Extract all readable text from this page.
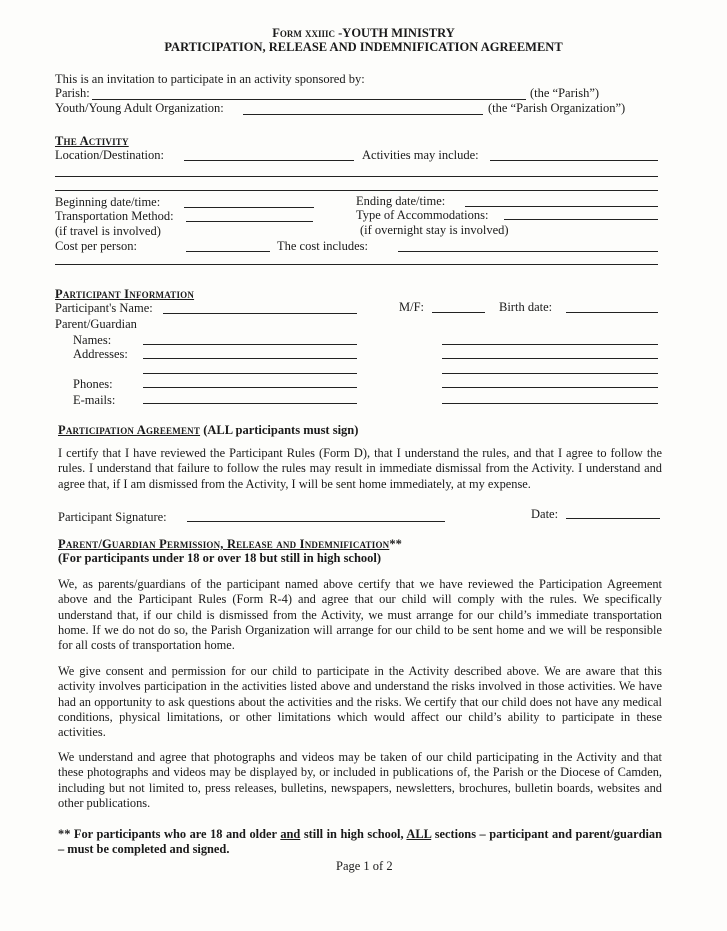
Form xxiiic -YOUTH MINISTRY
PARTICIPATION, RELEASE AND INDEMNIFICATION AGREEMENT
This is an invitation to participate in an activity sponsored by:
Parish:	(the “Parish”)
Youth/Young Adult Organization:	(the “Parish Organization”)
The Activity
Location/Destination:	Activities may include:
Beginning date/time:	Ending date/time:
Transportation Method:	Type of Accommodations:
(if travel is involved)	(if overnight stay is involved)
Cost per person:	The cost includes:
Participant Information
Participant's Name:	M/F:	Birth date:
Parent/Guardian
Names:
Addresses:
Phones:
E-mails:
Participation Agreement (ALL participants must sign)
I certify that I have reviewed the Participant Rules (Form D), that I understand the rules, and that I agree to follow the rules. I understand that failure to follow the rules may result in immediate dismissal from the Activity. I understand and agree that, if I am dismissed from the Activity, I will be sent home immediately, at my expense.
Participant Signature:	Date:
Parent/Guardian Permission, Release and Indemnification**
(For participants under 18 or over 18 but still in high school)
We, as parents/guardians of the participant named above certify that we have reviewed the Participation Agreement above and the Participant Rules (Form R-4) and agree that our child will comply with the rules. We specifically understand that, if our child is dismissed from the Activity, we must arrange for our child’s immediate transportation home. If we do not do so, the Parish Organization will arrange for our child to be sent home and we will be responsible for all costs of transportation home.
We give consent and permission for our child to participate in the Activity described above. We are aware that this activity involves participation in the activities listed above and understand the risks involved in those activities. We have had an opportunity to ask questions about the activities and the risks. We certify that our child does not have any medical conditions, physical limitations, or other limitations which would affect our child’s ability to participate in these activities.
We understand and agree that photographs and videos may be taken of our child participating in the Activity and that these photographs and videos may be displayed by, or included in publications of, the Parish or the Diocese of Camden, including but not limited to, press releases, bulletins, newspapers, newsletters, brochures, bulletin boards, websites and other publications.
** For participants who are 18 and older and still in high school, ALL sections – participant and parent/guardian – must be completed and signed.
Page 1 of 2
